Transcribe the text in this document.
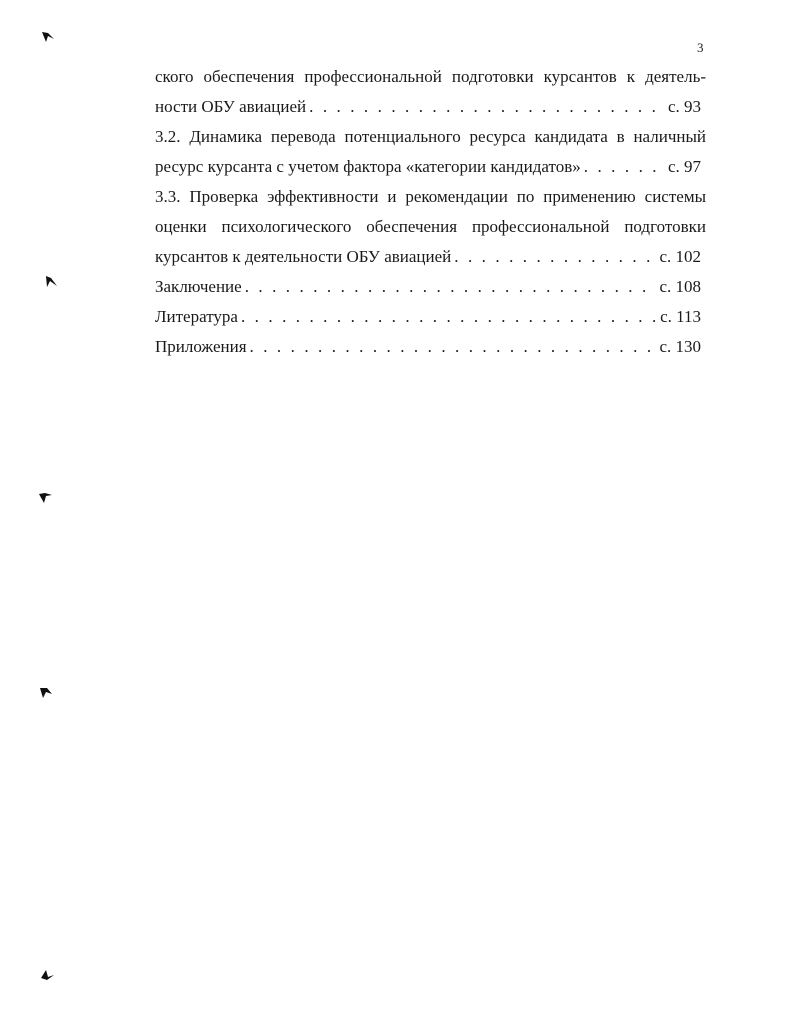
3
ского обеспечения профессиональной подготовки курсантов к деятель-
ности ОБУ авиацией . . .	с. 93
3.2. Динамика перевода потенциального ресурса кандидата в наличный
ресурс курсанта с учетом фактора «категории кандидатов» . . .	с. 97
3.3. Проверка эффективности и рекомендации по применению системы
оценки психологического обеспечения профессиональной подготовки
курсантов к деятельности ОБУ авиацией . . .	с. 102
Заключение . . .	с. 108
Литература . . .	с. 113
Приложения . . .	с. 130
